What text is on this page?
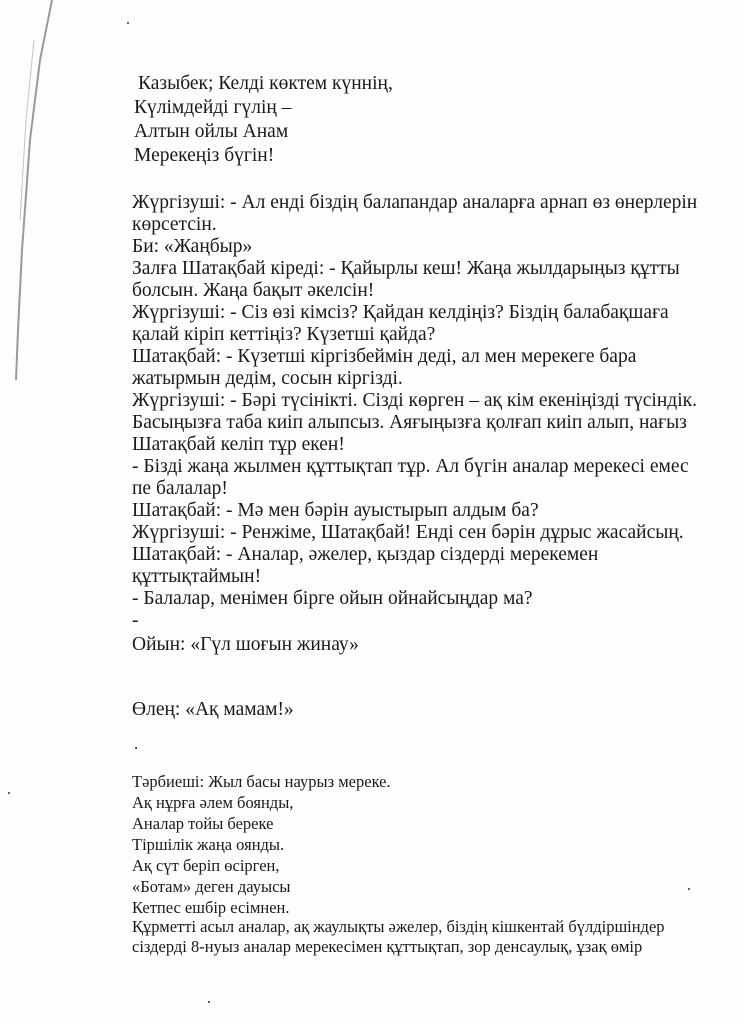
Казыбек; Келді көктем күннің,
Күлімдейді гүлің –
Алтын ойлы Анам
Мерекеңіз бүгін!
Жүргізуші: - Ал енді біздің балапандар аналарға арнап өз өнерлерін
көрсетсін.
Би: «Жаңбыр»
Залға Шатақбай кіреді: - Қайырлы кеш! Жаңа жылдарыңыз құтты
болсын. Жаңа бақыт әкелсін!
Жүргізуші: - Сіз өзі кімсіз? Қайдан келдіңіз? Біздің балабақшаға
қалай кіріп кеттіңіз? Күзетші қайда?
Шатақбай: - Күзетші кіргізбеймін деді, ал мен мерекеге бара
жатырмын дедім, сосын кіргізді.
Жүргізуші: - Бәрі түсінікті. Сізді көрген – ақ кім екеніңізді түсіндік.
Басыңызға таба киіп алыпсыз. Аяғыңызға қолғап киіп алып, нағыз
Шатақбай келіп тұр екен!
- Бізді жаңа жылмен құттықтап тұр. Ал бүгін аналар мерекесі емес
пе балалар!
Шатақбай: - Мә мен бәрін ауыстырып алдым ба?
Жүргізуші: - Ренжіме, Шатақбай! Енді сен бәрін дұрыс жасайсың.
Шатақбай: - Аналар, әжелер, қыздар сіздерді мерекемен
құттықтаймын!
- Балалар, менімен бірге ойын ойнайсыңдар ма?
-
Ойын: «Гүл шоғын жинау»
Өлең: «Ақ мамам!»
.
Тәрбиеші: Жыл басы наурыз мереке.
Ақ нұрға әлем боянды,
Аналар тойы береке
Тіршілік жаңа оянды.
Ақ сүт беріп өсірген,
«Ботам» деген дауысы
Кетпес ешбір есімнен.
Құрметті асыл аналар, ақ жаулықты әжелер, біздің кішкентай бүлдіршіндер
сіздерді 8-нуыз аналар мерекесімен құттықтап, зор денсаулық, ұзақ өмір
